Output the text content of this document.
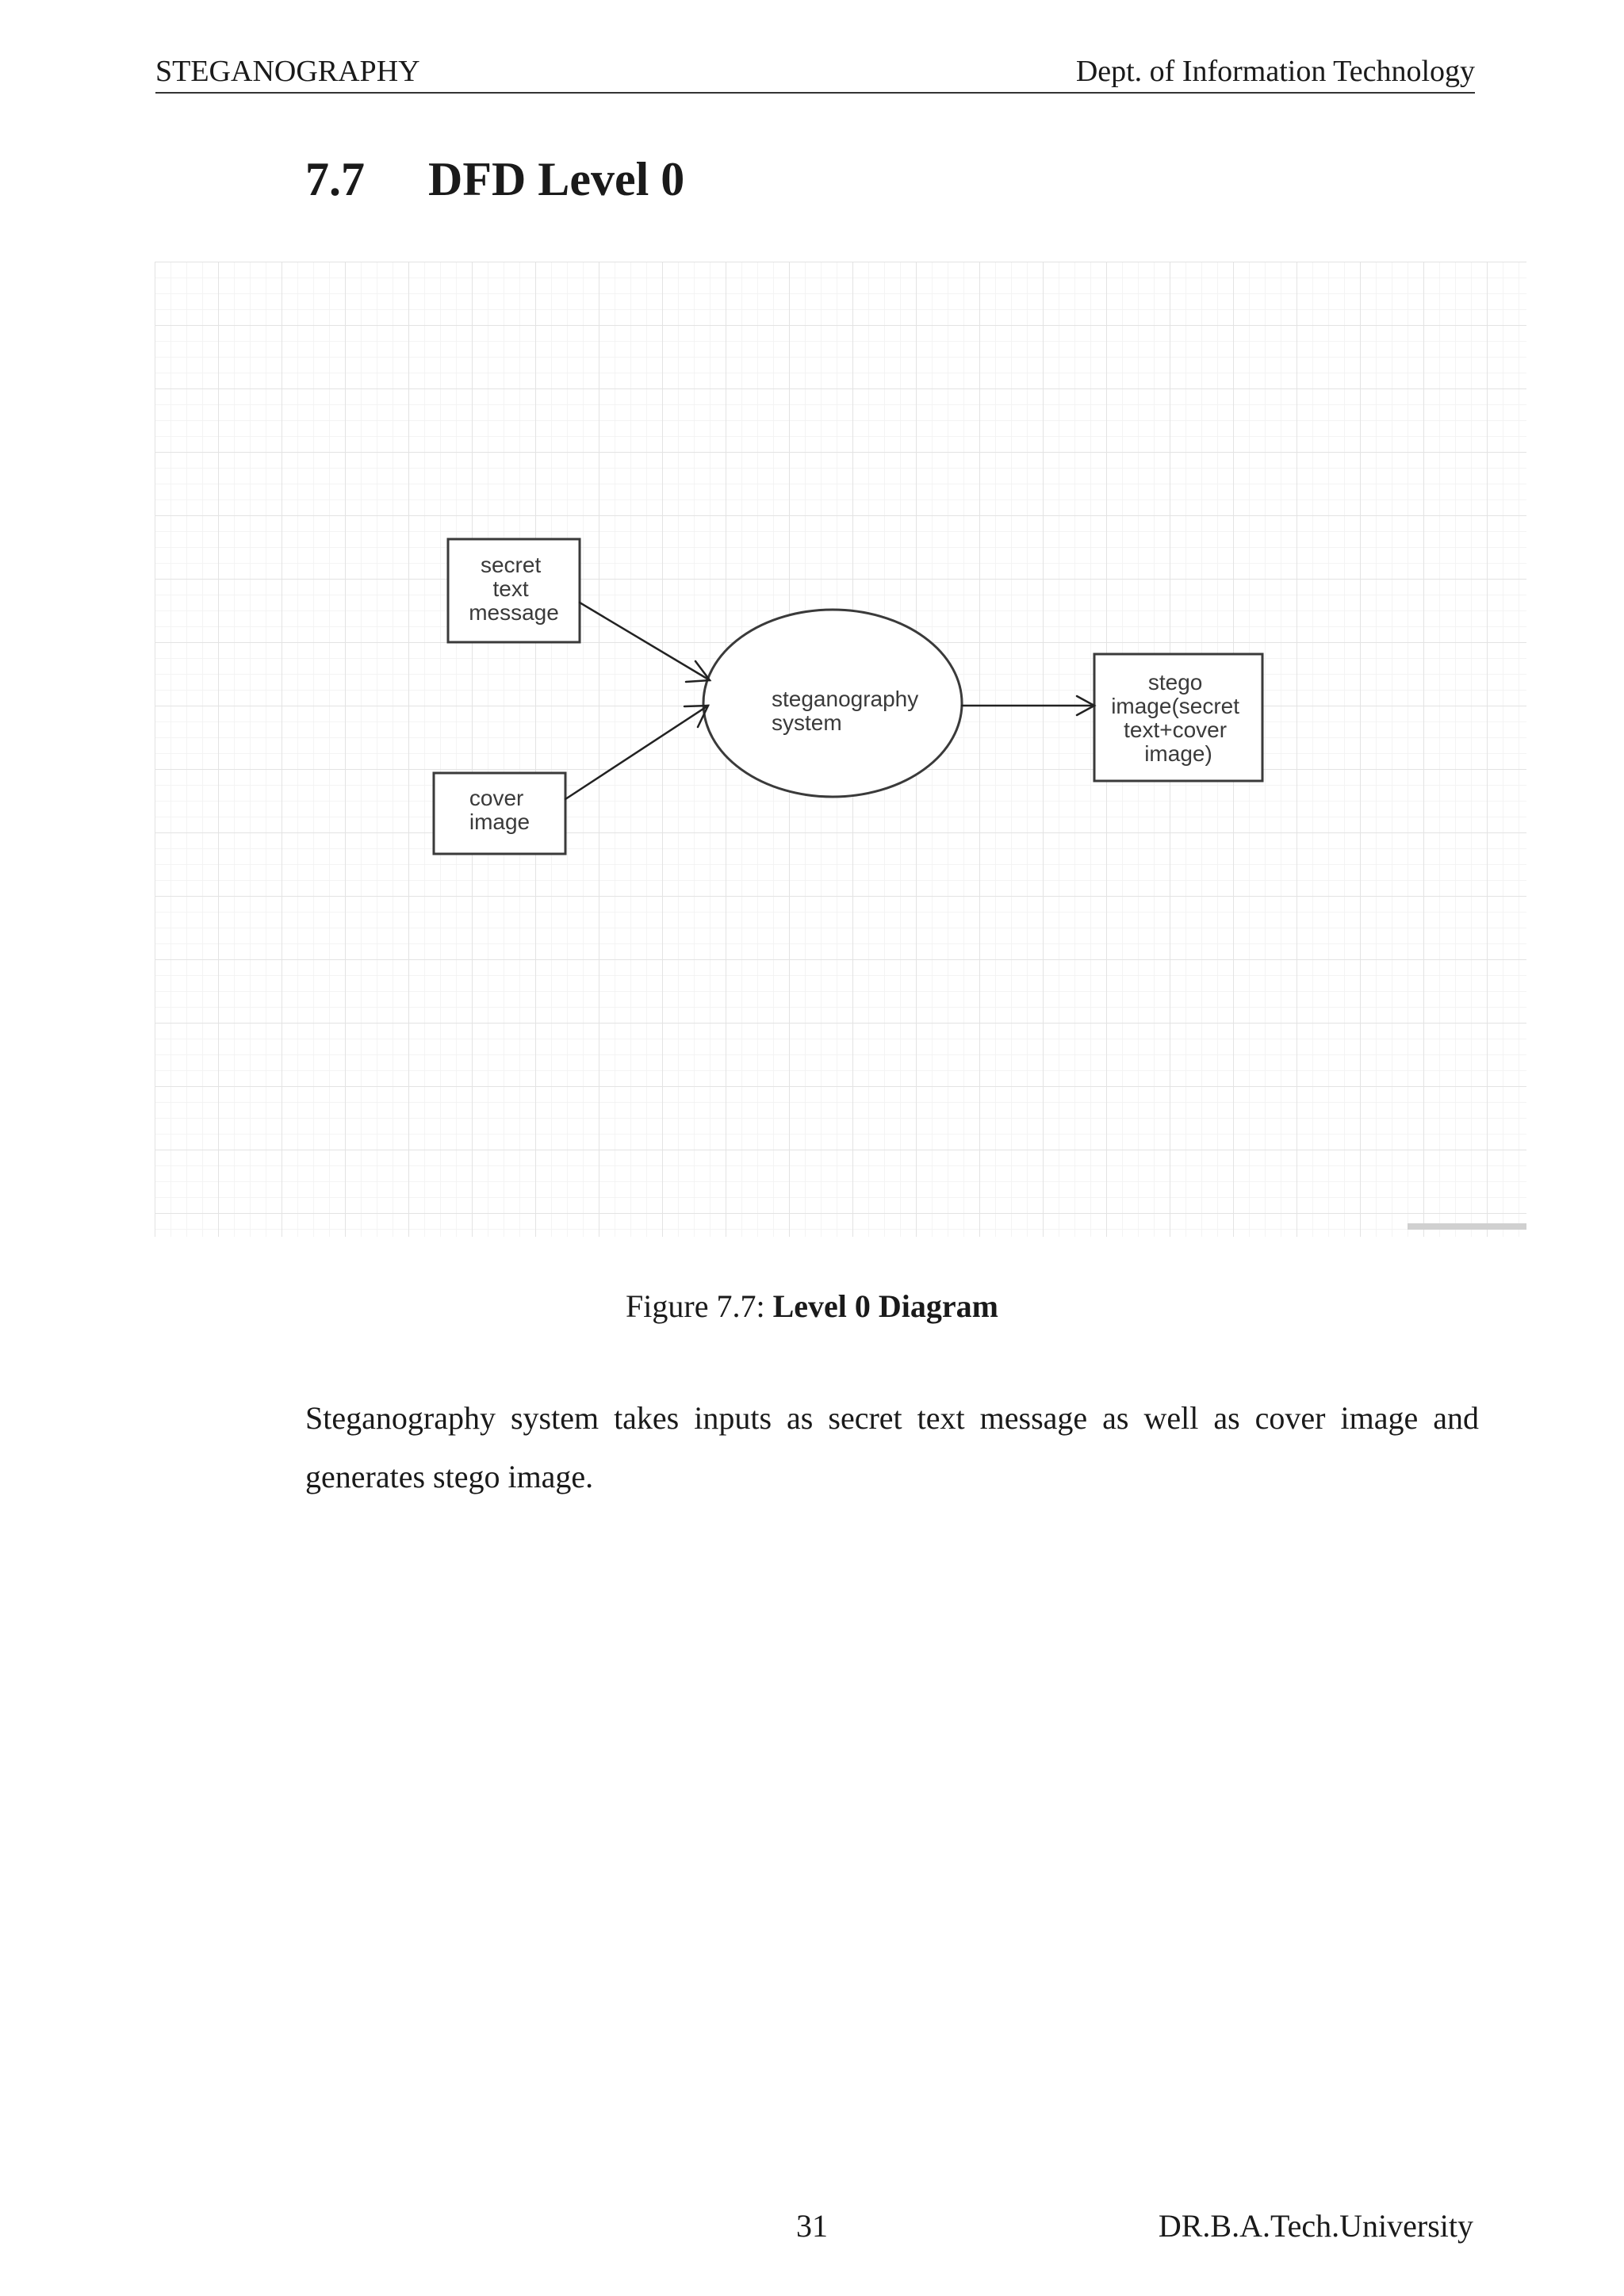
STEGANOGRAPHY	Dept. of Information Technology
7.7 DFD Level 0
secret text message
cover image
steganography system
stego image(secret text+cover image)
Figure 7.7: Level 0 Diagram

Steganography system takes inputs as secret text message as well as cover image and generates stego image.

31	DR.B.A.Tech.University
